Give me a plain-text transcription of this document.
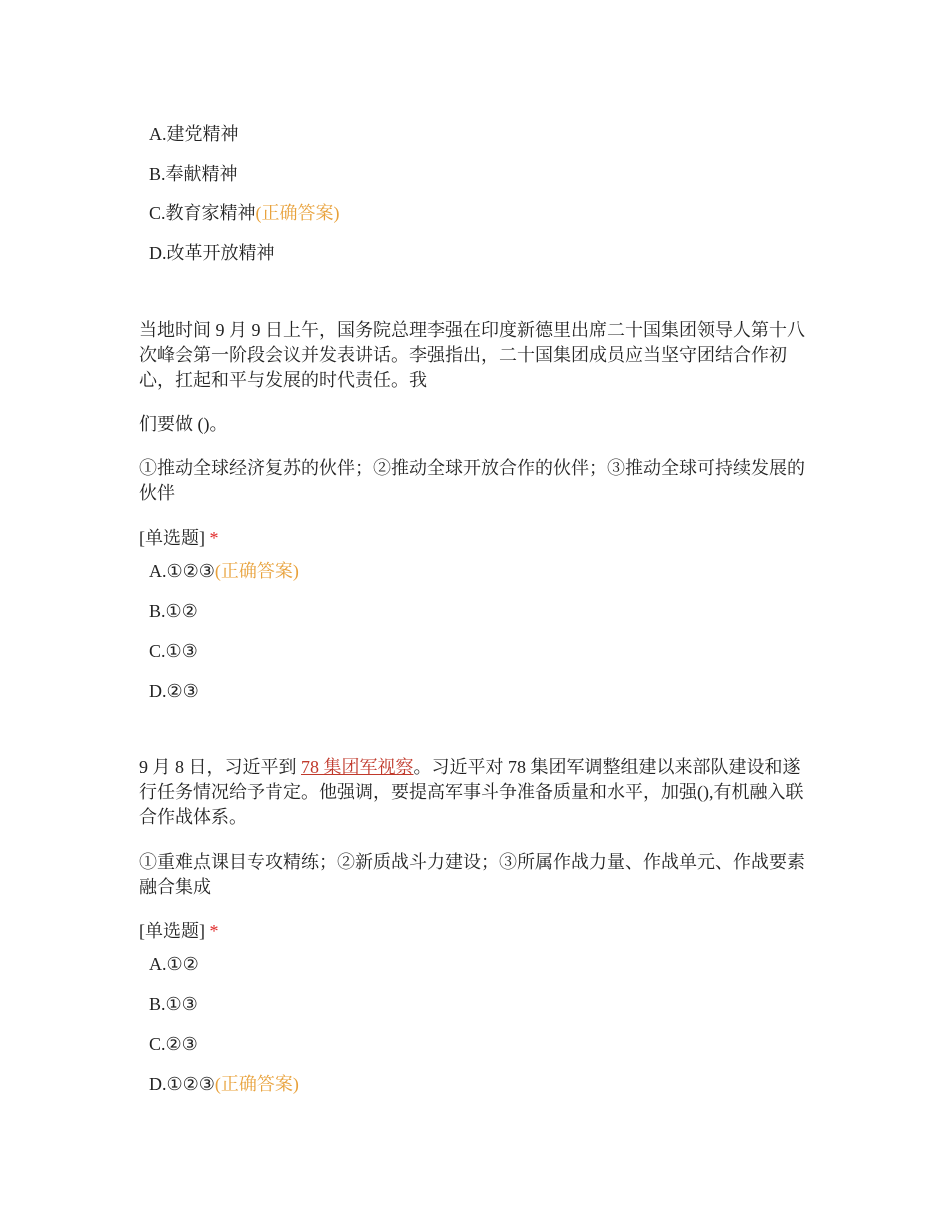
A.建党精神
B.奉献精神
C.教育家精神(正确答案)
D.改革开放精神
当地时间 9 月 9 日上午，国务院总理李强在印度新德里出席二十国集团领导人第十八次峰会第一阶段会议并发表讲话。李强指出，二十国集团成员应当坚守团结合作初心，扛起和平与发展的时代责任。我
们要做 ()。
①推动全球经济复苏的伙伴；②推动全球开放合作的伙伴；③推动全球可持续发展的伙伴
[单选题] *
A.①②③(正确答案)
B.①②
C.①③
D.②③
9 月 8 日，习近平到 78 集团军视察。习近平对 78 集团军调整组建以来部队建设和遂行任务情况给予肯定。他强调，要提高军事斗争准备质量和水平，加强(),有机融入联合作战体系。
①重难点课目专攻精练；②新质战斗力建设；③所属作战力量、作战单元、作战要素融合集成
[单选题] *
A.①②
B.①③
C.②③
D.①②③(正确答案)
